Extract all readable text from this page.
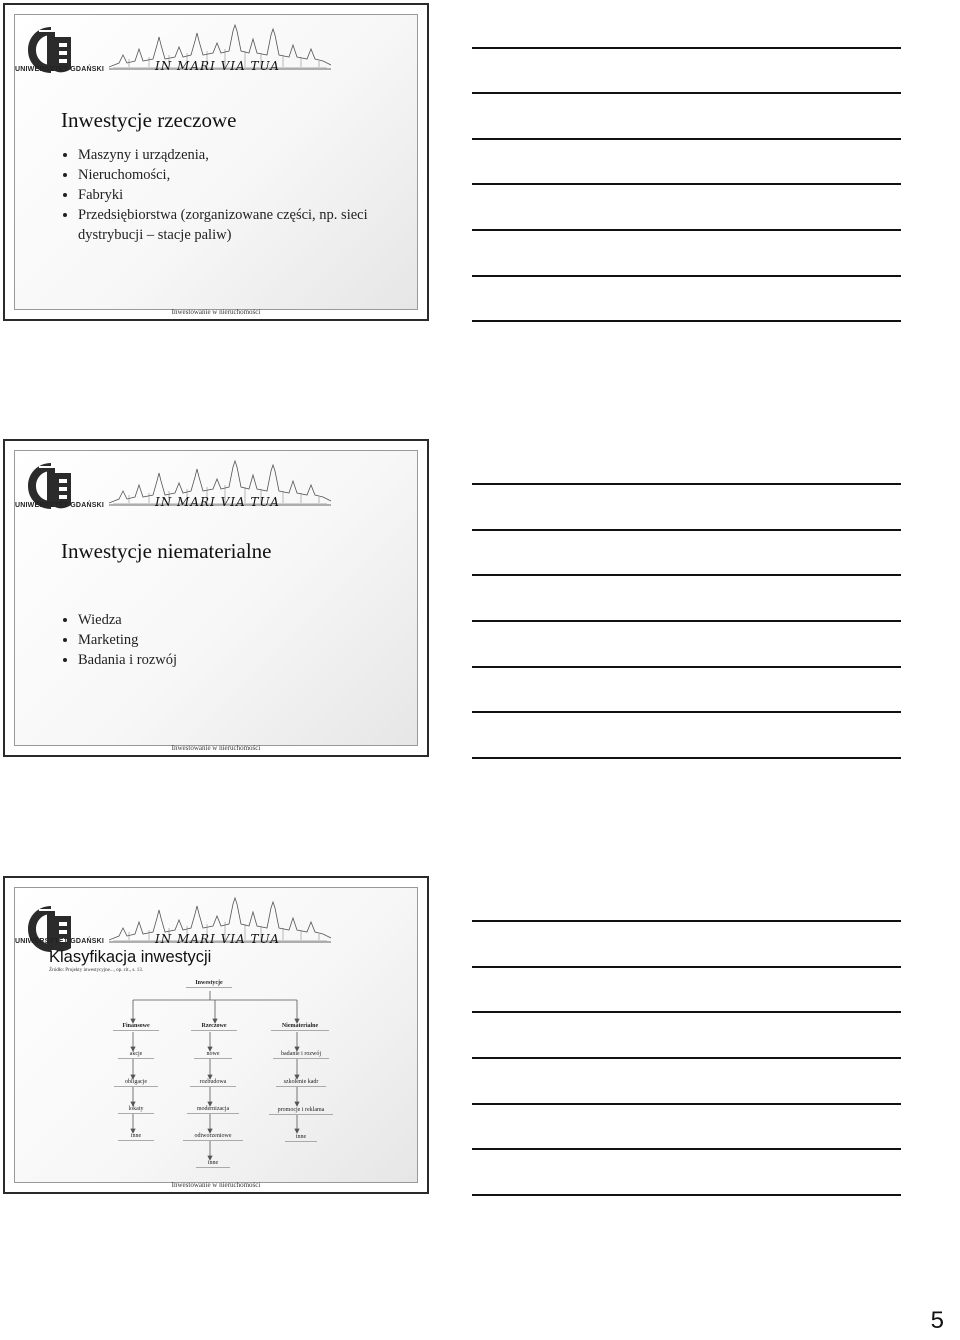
UNIWERSYTET GDAŃSKI	IN MARI VIA TUA
Inwestycje rzeczowe
• Maszyny i urządzenia,
• Nieruchomości,
• Fabryki
• Przedsiębiorstwa (zorganizowane części, np. sieci dystrybucji – stacje paliw)
Inwestowanie w nieruchomości
UNIWERSYTET GDAŃSKI	IN MARI VIA TUA
Inwestycje niematerialne
• Wiedza
• Marketing
• Badania i rozwój
Inwestowanie w nieruchomości
UNIWERSYTET GDAŃSKI	IN MARI VIA TUA
Klasyfikacja inwestycji
Źródło: Projekty inwestycyjne..., op. cit., s. 13.
Inwestycje
Finansowe	Rzeczowe	Niematerialne
akcje
obligacje
lokaty
inne
nowe
rozbudowa
modernizacja
odtworzeniowe
inne
badanie i rozwój
szkolenie kadr
promocje i reklama
inne
Inwestowanie w nieruchomości
5
